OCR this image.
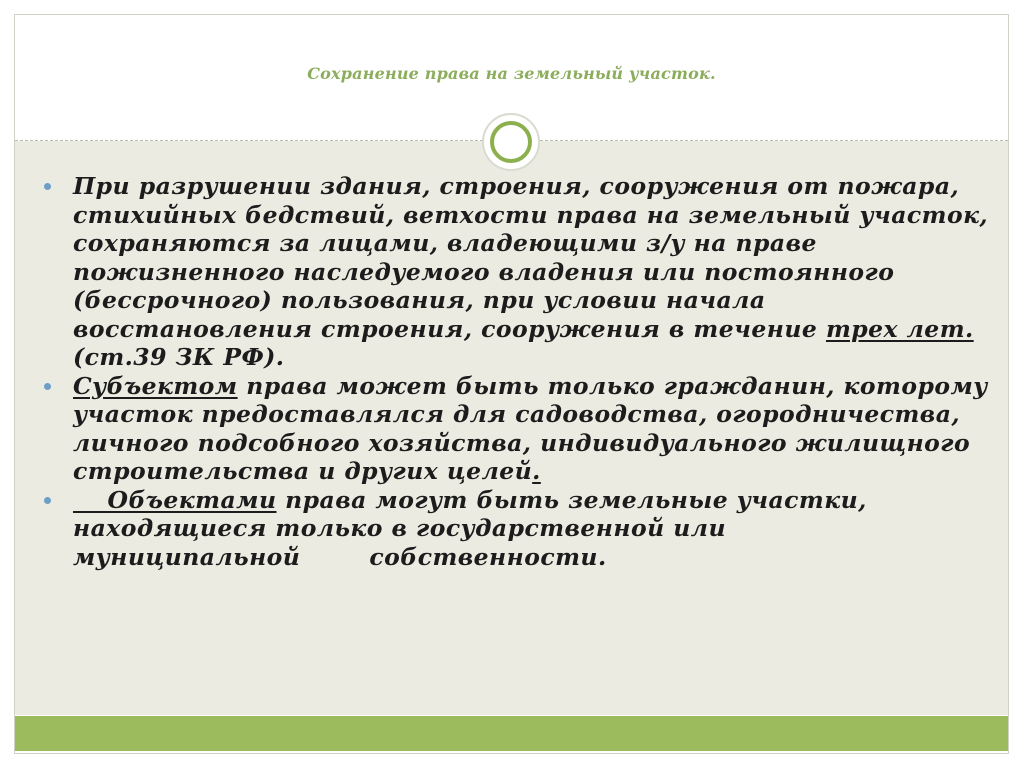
Сохранение права на земельный участок.
При разрушении здания, строения, сооружения от пожара, стихийных бедствий, ветхости права на земельный участок, сохраняются за лицами, владеющими з/у на праве пожизненного наследуемого владения или постоянного (бессрочного) пользования, при условии начала восстановления строения, сооружения в течение трех лет. (ст.39 ЗК РФ).
Субъектом права может быть только гражданин, которому участок предоставлялся для садоводства, огородничества, личного подсобного хозяйства, индивидуального жилищного строительства и других целей.
Объектами права могут быть земельные участки,
находящиеся только в государственной или
муниципальной        собственности.
